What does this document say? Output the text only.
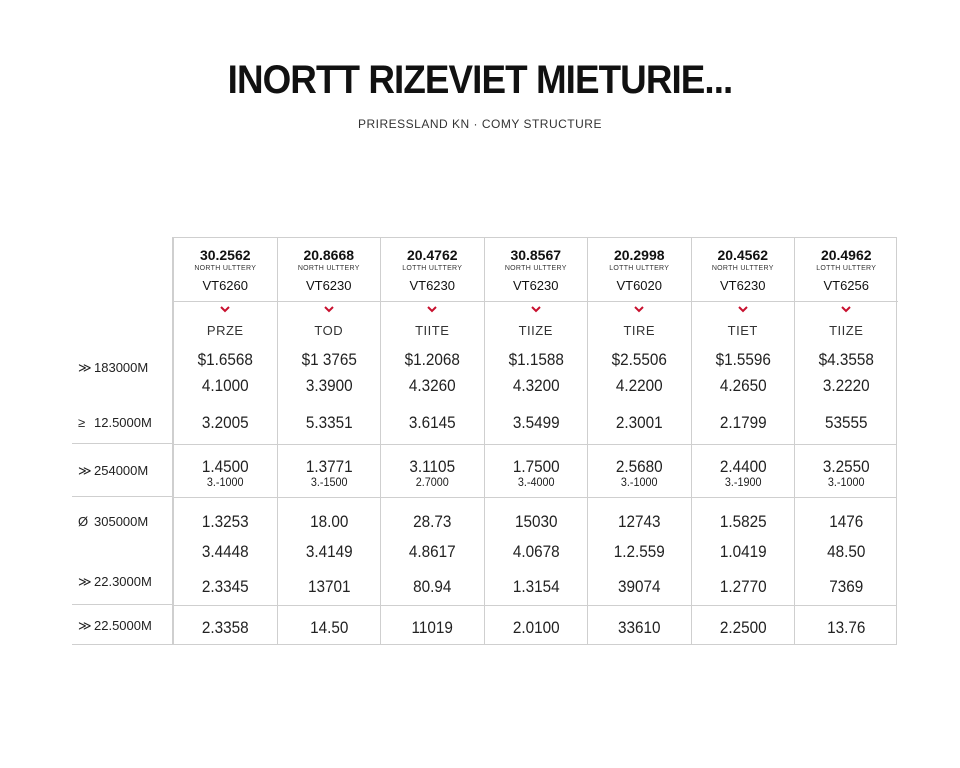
INORTT RIZEVIET MIETURIE...
PRIRESSLAND KN · COMY STRUCTURE
≫ 183000M
≥ 12.5000M
≫ 254000M
Ø 305000M
≫ 22.3000M
≫ 22.5000M
30.2562
NORTH ULTTERY
VT6260
PRZE
$1.6568
4.1000
3.2005
1.4500
3.-1000
1.3253
3.4448
2.3345
2.3358
20.8668
NORTH ULTTERY
VT6230
TOD
$1 3765
3.3900
5.3351
1.3771
3.-1500
18.00
3.4149
13701
14.50
20.4762
LOTTH ULTTERY
VT6230
TIITE
$1.2068
4.3260
3.6145
3.1105
2.7000
28.73
4.8617
80.94
11019
30.8567
NORTH ULTTERY
VT6230
TIIZE
$1.1588
4.3200
3.5499
1.7500
3.-4000
15030
4.0678
1.3154
2.0100
20.2998
LOTTH ULTTERY
VT6020
TIRE
$2.5506
4.2200
2.3001
2.5680
3.-1000
12743
1.2.559
39074
33610
20.4562
NORTH ULTTERY
VT6230
TIET
$1.5596
4.2650
2.1799
2.4400
3.-1900
1.5825
1.0419
1.2770
2.2500
20.4962
LOTTH ULTTERY
VT6256
TIIZE
$4.3558
3.2220
53555
3.2550
3.-1000
1476
48.50
7369
13.76
